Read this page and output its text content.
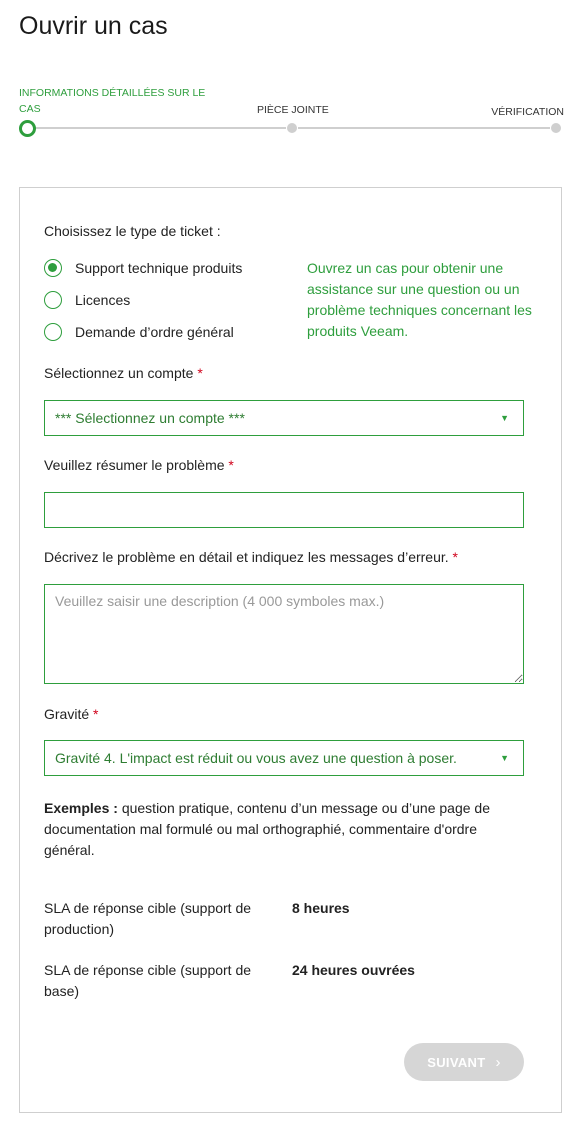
Ouvrir un cas
INFORMATIONS DÉTAILLÉES SUR LE CAS	PIÈCE JOINTE	VÉRIFICATION
Choisissez le type de ticket :
Support technique produits
Licences
Demande d’ordre général
Ouvrez un cas pour obtenir une assistance sur une question ou un problème techniques concernant les produits Veeam.
Sélectionnez un compte *
*** Sélectionnez un compte ***	▼
Veuillez résumer le problème *
Décrivez le problème en détail et indiquez les messages d’erreur. *
Veuillez saisir une description (4 000 symboles max.)
Gravité *
Gravité 4. L'impact est réduit ou vous avez une question à poser.	▼
Exemples : question pratique, contenu d’un message ou d’une page de documentation mal formulé ou mal orthographié, commentaire d'ordre général.
SLA de réponse cible (support de production)
8 heures
SLA de réponse cible (support de base)
24 heures ouvrées
SUIVANT ›
